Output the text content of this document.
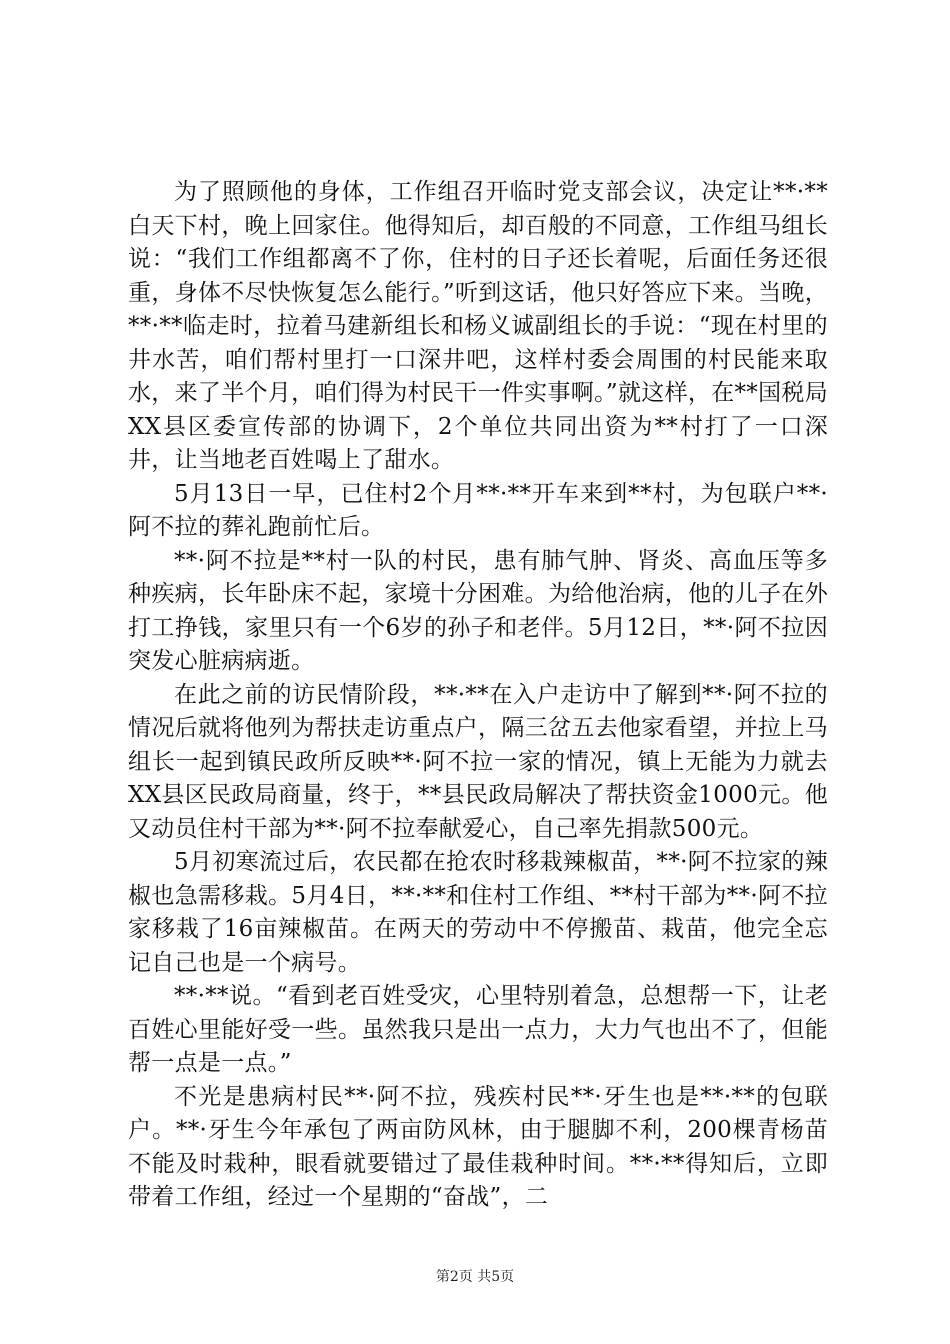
为了照顾他的身体，工作组召开临时党支部会议，决定让**·**白天下村，晚上回家住。他得知后，却百般的不同意，工作组马组长说：“我们工作组都离不了你，住村的日子还长着呢，后面任务还很重，身体不尽快恢复怎么能行。”听到这话，他只好答应下来。当晚，**·**临走时，拉着马建新组长和杨义诚副组长的手说：“现在村里的井水苦，咱们帮村里打一口深井吧，这样村委会周围的村民能来取水，来了半个月，咱们得为村民干一件实事啊。”就这样，在**国税局XX县区委宣传部的协调下，2个单位共同出资为**村打了一口深井，让当地老百姓喝上了甜水。

5月13日一早，已住村2个月**·**开车来到**村，为包联户**·阿不拉的葬礼跑前忙后。

**·阿不拉是**村一队的村民，患有肺气肿、肾炎、高血压等多种疾病，长年卧床不起，家境十分困难。为给他治病，他的儿子在外打工挣钱，家里只有一个6岁的孙子和老伴。5月12日，**·阿不拉因突发心脏病病逝。

在此之前的访民情阶段，**·**在入户走访中了解到**·阿不拉的情况后就将他列为帮扶走访重点户，隔三岔五去他家看望，并拉上马组长一起到镇民政所反映**·阿不拉一家的情况，镇上无能为力就去XX县区民政局商量，终于，**县民政局解决了帮扶资金1000元。他又动员住村干部为**·阿不拉奉献爱心，自己率先捐款500元。

5月初寒流过后，农民都在抢农时移栽辣椒苗，**·阿不拉家的辣椒也急需移栽。5月4日，**·**和住村工作组、**村干部为**·阿不拉家移栽了16亩辣椒苗。在两天的劳动中不停搬苗、栽苗，他完全忘记自己也是一个病号。

**·**说。“看到老百姓受灾，心里特别着急，总想帮一下，让老百姓心里能好受一些。虽然我只是出一点力，大力气也出不了，但能帮一点是一点。”

不光是患病村民**·阿不拉，残疾村民**·牙生也是**·**的包联户。**·牙生今年承包了两亩防风林，由于腿脚不利，200棵青杨苗不能及时栽种，眼看就要错过了最佳栽种时间。**·**得知后，立即带着工作组，经过一个星期的“奋战”，二

第2页 共5页
